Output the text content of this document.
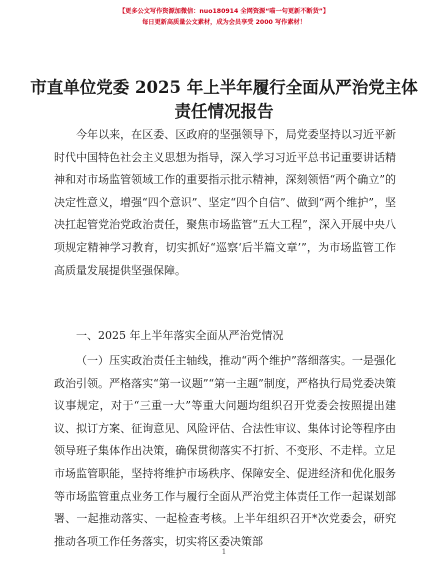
【更多公文写作资源加微信：nuo180914 全网资源“喵一句更新不断货”】
每日更新高质量公文素材，成为会员享受 2000 写作素材！
市直单位党委 2025 年上半年履行全面从严治党主体责任情况报告
今年以来，在区委、区政府的坚强领导下，局党委坚持以习近平新时代中国特色社会主义思想为指导，深入学习习近平总书记重要讲话精神和对市场监管领域工作的重要指示批示精神，深刻领悟“两个确立”的决定性意义，增强“四个意识”、坚定“四个自信”、做到“两个维护”，坚决扛起管党治党政治责任，聚焦市场监管“五大工程”，深入开展中央八项规定精神学习教育，切实抓好“巡察‘后半篇文章’”，为市场监管工作高质量发展提供坚强保障。
一、2025 年上半年落实全面从严治党情况
（一）压实政治责任主轴线，推动“两个维护”落细落实。一是强化政治引领。严格落实“第一议题”“第一主题”制度，严格执行局党委决策议事规定，对于“三重一大”等重大问题均组织召开党委会按照提出建议、拟订方案、征询意见、风险评估、合法性审议、集体讨论等程序由领导班子集体作出决策，确保贯彻落实不打折、不变形、不走样。立足市场监管职能，坚持将维护市场秩序、保障安全、促进经济和优化服务等市场监管重点业务工作与履行全面从严治党主体责任工作一起谋划部署、一起推动落实、一起检查考核。上半年组织召开*次党委会，研究推动各项工作任务落实，切实将区委决策部
1
